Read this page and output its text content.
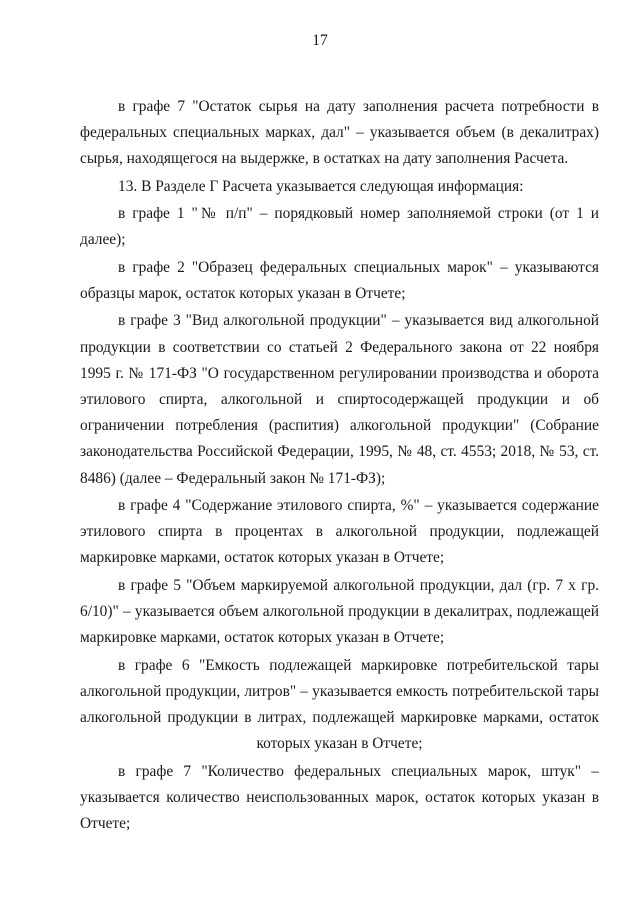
17

в графе 7 "Остаток сырья на дату заполнения расчета потребности в федеральных специальных марках, дал" – указывается объем (в декалитрах) сырья, находящегося на выдержке, в остатках на дату заполнения Расчета.

13. В Разделе Г Расчета указывается следующая информация:

в графе 1 "№ п/п" – порядковый номер заполняемой строки (от 1 и далее);

в графе 2 "Образец федеральных специальных марок" – указываются образцы марок, остаток которых указан в Отчете;

в графе 3 "Вид алкогольной продукции" – указывается вид алкогольной продукции в соответствии со статьей 2 Федерального закона от 22 ноября 1995 г. № 171-ФЗ "О государственном регулировании производства и оборота этилового спирта, алкогольной и спиртосодержащей продукции и об ограничении потребления (распития) алкогольной продукции" (Собрание законодательства Российской Федерации, 1995, № 48, ст. 4553; 2018, № 53, ст. 8486) (далее – Федеральный закон № 171-ФЗ);

в графе 4 "Содержание этилового спирта, %" – указывается содержание этилового спирта в процентах в алкогольной продукции, подлежащей маркировке марками, остаток которых указан в Отчете;

в графе 5 "Объем маркируемой алкогольной продукции, дал (гр. 7 х гр. 6/10)" – указывается объем алкогольной продукции в декалитрах, подлежащей маркировке марками, остаток которых указан в Отчете;

в графе 6 "Емкость подлежащей маркировке потребительской тары алкогольной продукции, литров" – указывается емкость потребительской тары алкогольной продукции в литрах, подлежащей маркировке марками, остаток которых указан в Отчете;

в графе 7 "Количество федеральных специальных марок, штук" – указывается количество неиспользованных марок, остаток которых указан в Отчете;
